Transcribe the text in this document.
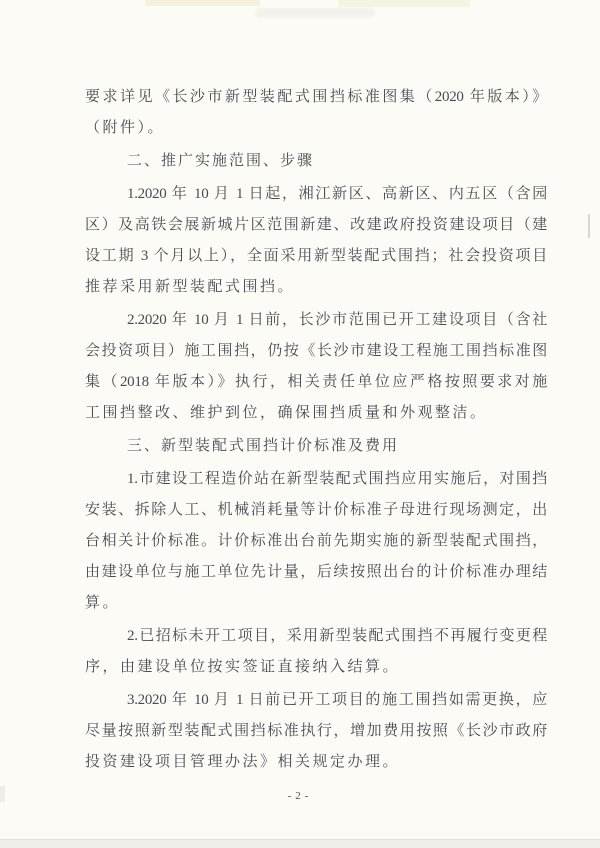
要求详见《长沙市新型装配式围挡标准图集（2020 年版本）》
（附件）。
二、推广实施范围、步骤
1.2020 年 10 月 1 日起，湘江新区、高新区、内五区（含园
区）及高铁会展新城片区范围新建、改建政府投资建设项目（建
设工期 3 个月以上），全面采用新型装配式围挡；社会投资项目
推荐采用新型装配式围挡。
2.2020 年 10 月 1 日前，长沙市范围已开工建设项目（含社
会投资项目）施工围挡，仍按《长沙市建设工程施工围挡标准图
集（2018 年版本）》执行，相关责任单位应严格按照要求对施
工围挡整改、维护到位，确保围挡质量和外观整洁。
三、新型装配式围挡计价标准及费用
1.市建设工程造价站在新型装配式围挡应用实施后，对围挡
安装、拆除人工、机械消耗量等计价标准子母进行现场测定，出
台相关计价标准。计价标准出台前先期实施的新型装配式围挡，
由建设单位与施工单位先计量，后续按照出台的计价标准办理结
算。
2.已招标未开工项目，采用新型装配式围挡不再履行变更程
序，由建设单位按实签证直接纳入结算。
3.2020 年 10 月 1 日前已开工项目的施工围挡如需更换，应
尽量按照新型装配式围挡标准执行，增加费用按照《长沙市政府
投资建设项目管理办法》相关规定办理。
-2-
